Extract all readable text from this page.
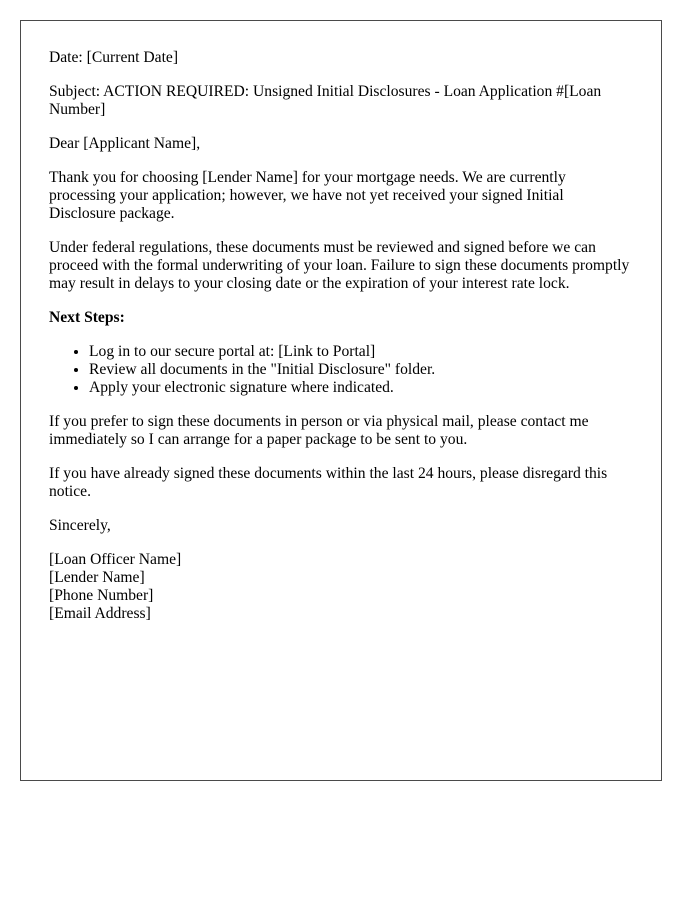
Date: [Current Date]

Subject: ACTION REQUIRED: Unsigned Initial Disclosures - Loan Application #[Loan Number]

Dear [Applicant Name],

Thank you for choosing [Lender Name] for your mortgage needs. We are currently processing your application; however, we have not yet received your signed Initial Disclosure package.

Under federal regulations, these documents must be reviewed and signed before we can proceed with the formal underwriting of your loan. Failure to sign these documents promptly may result in delays to your closing date or the expiration of your interest rate lock.

Next Steps:

• Log in to our secure portal at: [Link to Portal]
• Review all documents in the "Initial Disclosure" folder.
• Apply your electronic signature where indicated.

If you prefer to sign these documents in person or via physical mail, please contact me immediately so I can arrange for a paper package to be sent to you.

If you have already signed these documents within the last 24 hours, please disregard this notice.

Sincerely,

[Loan Officer Name]
[Lender Name]
[Phone Number]
[Email Address]
